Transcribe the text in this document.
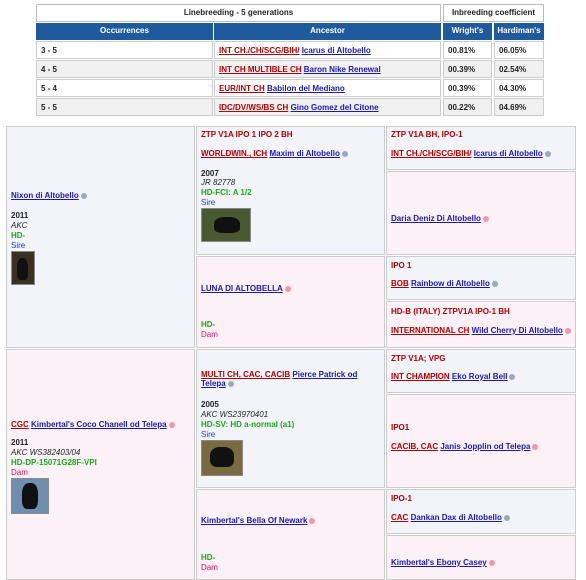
Linebreeding - 5 generations	Inbreeding coefficient
Occurrences	Ancestor	Wright's	Hardiman's
3 - 5	INT CH./CH/SCG/BIH/ Icarus di Altobello	00.81%	06.05%
4 - 5	INT CH MULTIBLE CH Baron Nike Renewal	00.39%	02.54%
5 - 4	EUR/INT CH Babilon del Mediano	00.39%	04.30%
5 - 5	IDC/DV/WS/BS CH Gino Gomez del Citone	00.22%	04.69%
Nixon di Altobello
2011
AKC
HD-
Sire
CGC Kimbertal's Coco Chanell od Telepa
2011
AKC WS382403/04
HD-DP-15071G28F-VPI
Dam
ZTP V1A IPO 1 IPO 2 BH
WORLDWIN., ICH Maxim di Altobello
2007
JR 82778
HD-FCI: A 1/2
Sire
LUNA DI ALTOBELLA
HD-
Dam
MULTI CH, CAC, CACIB Pierce Patrick od Telepa
2005
AKC WS23970401
HD-SV: HD a-normal (a1)
Sire
Kimbertal's Bella Of Newark
HD-
Dam
ZTP V1A BH, IPO-1
INT CH./CH/SCG/BIH/ Icarus di Altobello
Daria Deniz Di Altobello
IPO 1
BOB Rainbow di Altobello
HD-B (ITALY) ZTPV1A IPO-1 BH
INTERNATIONAL CH Wild Cherry Di Altobello
ZTP V1A; VPG
INT CHAMPION Eko Royal Bell
IPO1
CACIB, CAC Janis Jopplin od Telepa
IPO-1
CAC Dankan Dax di Altobello
Kimbertal's Ebony Casey
